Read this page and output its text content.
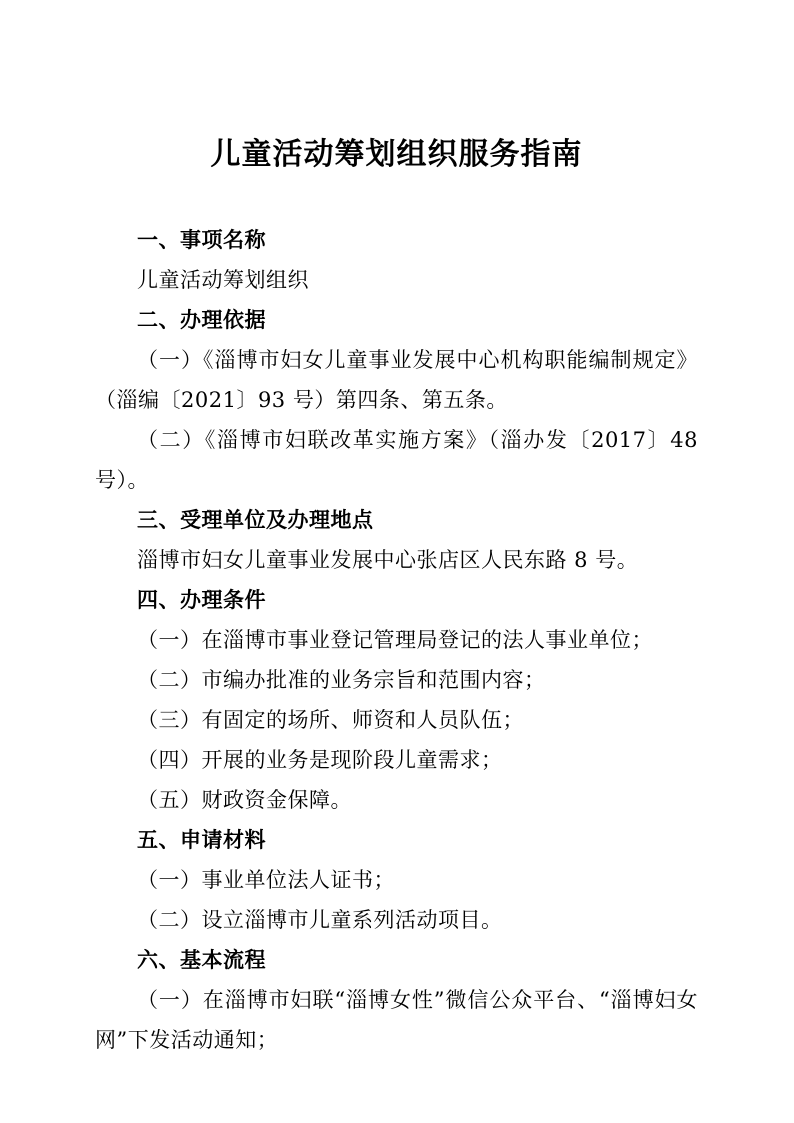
儿童活动筹划组织服务指南

一、事项名称

儿童活动筹划组织

二、办理依据

（一）《淄博市妇女儿童事业发展中心机构职能编制规定》（淄编〔2021〕93 号）第四条、第五条。

（二）《淄博市妇联改革实施方案》（淄办发〔2017〕48 号）。

三、受理单位及办理地点

淄博市妇女儿童事业发展中心张店区人民东路 8 号。

四、办理条件

（一）在淄博市事业登记管理局登记的法人事业单位；

（二）市编办批准的业务宗旨和范围内容；

（三）有固定的场所、师资和人员队伍；

（四）开展的业务是现阶段儿童需求；

（五）财政资金保障。

五、申请材料

（一）事业单位法人证书；

（二）设立淄博市儿童系列活动项目。

六、基本流程

（一）在淄博市妇联“淄博女性”微信公众平台、“淄博妇女网”下发活动通知；
